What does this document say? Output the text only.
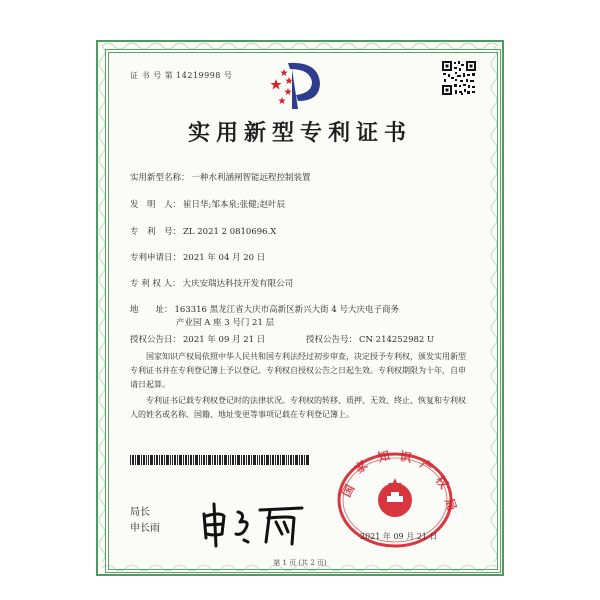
证 书 号 第 14219998 号
实用新型专利证书
实用新型名称： 一种水利涵闸智能远程控制装置
发　明　人： 崔日华;邹本泉;张健;赵叶辰
专　利　号： ZL 2021 2 0810696.X
专利申请日： 2021 年 04 月 20 日
专 利 权 人： 大庆安瑞达科技开发有限公司
地　　址： 163316 黑龙江省大庆市高新区新兴大街 4 号大庆电子商务
产业园 A 座 3 号门 21 层
授权公告日： 2021 年 09 月 21 日	授权公告号： CN 214252982 U
国家知识产权局依照中华人民共和国专利法经过初步审查，决定授予专利权，颁发实用新型专利证书并在专利登记簿上予以登记。专利权自授权公告之日起生效。专利权期限为十年，自申请日起算。
专利证书记载专利权登记时的法律状况。专利权的转移、质押、无效、终止、恢复和专利权人的姓名或名称、国籍、地址变更等事项记载在专利登记簿上。
局长
申长雨
国
家
知 识 产
权
局
2021 年 09 月 21 日
第 1 页 (共 2 页)
